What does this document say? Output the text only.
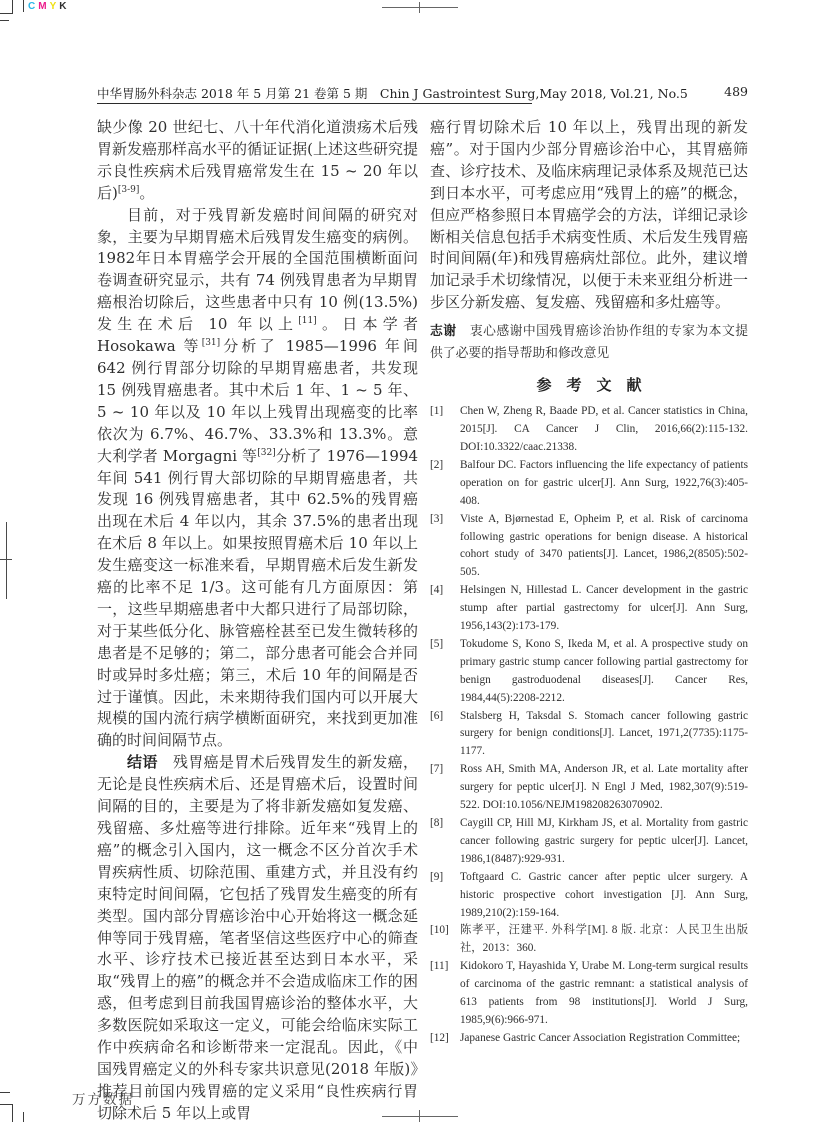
C M Y K
中华胃肠外科杂志 2018 年 5 月第 21 卷第 5 期　Chin J Gastrointest Surg,May 2018, Vol.21, No.5	489

缺少像 20 世纪七、八十年代消化道溃疡术后残胃新发癌那样高水平的循证证据(上述这些研究提示良性疾病术后残胃癌常发生在 15 ~ 20 年以后)[3-9]。

目前，对于残胃新发癌时间间隔的研究对象，主要为早期胃癌术后残胃发生癌变的病例。1982年日本胃癌学会开展的全国范围横断面问卷调查研究显示，共有 74 例残胃患者为早期胃癌根治切除后，这些患者中只有 10 例(13.5%)发生在术后 10 年以上[11]。日本学者 Hosokawa 等[31]分析了 1985—1996 年间 642 例行胃部分切除的早期胃癌患者，共发现 15 例残胃癌患者。其中术后 1 年、1 ~ 5 年、5 ~ 10 年以及 10 年以上残胃出现癌变的比率依次为 6.7%、46.7%、33.3%和 13.3%。意大利学者 Morgagni 等[32]分析了 1976—1994 年间 541 例行胃大部切除的早期胃癌患者，共发现 16 例残胃癌患者，其中 62.5%的残胃癌出现在术后 4 年以内，其余 37.5%的患者出现在术后 8 年以上。如果按照胃癌术后 10 年以上发生癌变这一标准来看，早期胃癌术后发生新发癌的比率不足 1/3。这可能有几方面原因：第一，这些早期癌患者中大都只进行了局部切除，对于某些低分化、脉管癌栓甚至已发生微转移的患者是不足够的；第二，部分患者可能会合并同时或异时多灶癌；第三，术后 10 年的间隔是否过于谨慎。因此，未来期待我们国内可以开展大规模的国内流行病学横断面研究，来找到更加准确的时间间隔节点。

结语　残胃癌是胃术后残胃发生的新发癌，无论是良性疾病术后、还是胃癌术后，设置时间间隔的目的，主要是为了将非新发癌如复发癌、残留癌、多灶癌等进行排除。近年来“残胃上的癌”的概念引入国内，这一概念不区分首次手术胃疾病性质、切除范围、重建方式，并且没有约束特定时间间隔，它包括了残胃发生癌变的所有类型。国内部分胃癌诊治中心开始将这一概念延伸等同于残胃癌，笔者坚信这些医疗中心的筛查水平、诊疗技术已接近甚至达到日本水平，采取“残胃上的癌”的概念并不会造成临床工作的困惑，但考虑到目前我国胃癌诊治的整体水平，大多数医院如采取这一定义，可能会给临床实际工作中疾病命名和诊断带来一定混乱。因此，《中国残胃癌定义的外科专家共识意见(2018 年版)》推荐目前国内残胃癌的定义采用“良性疾病行胃切除术后 5 年以上或胃

癌行胃切除术后 10 年以上，残胃出现的新发癌”。对于国内少部分胃癌诊治中心，其胃癌筛查、诊疗技术、及临床病理记录体系及规范已达到日本水平，可考虑应用“残胃上的癌”的概念，但应严格参照日本胃癌学会的方法，详细记录诊断相关信息包括手术病变性质、术后发生残胃癌时间间隔(年)和残胃癌病灶部位。此外，建议增加记录手术切缘情况，以便于未来亚组分析进一步区分新发癌、复发癌、残留癌和多灶癌等。

志谢　衷心感谢中国残胃癌诊治协作组的专家为本文提供了必要的指导帮助和修改意见

参　考　文　献
[1]	Chen W, Zheng R, Baade PD, et al. Cancer statistics in China, 2015[J]. CA Cancer J Clin, 2016,66(2):115-132. DOI:10.3322/caac.21338.
[2]	Balfour DC. Factors influencing the life expectancy of patients operation on for gastric ulcer[J]. Ann Surg, 1922,76(3):405-408.
[3]	Viste A, Bjørnestad E, Opheim P, et al. Risk of carcinoma following gastric operations for benign disease. A historical cohort study of 3470 patients[J]. Lancet, 1986,2(8505):502-505.
[4]	Helsingen N, Hillestad L. Cancer development in the gastric stump after partial gastrectomy for ulcer[J]. Ann Surg, 1956,143(2):173-179.
[5]	Tokudome S, Kono S, Ikeda M, et al. A prospective study on primary gastric stump cancer following partial gastrectomy for benign gastroduodenal diseases[J]. Cancer Res, 1984,44(5):2208-2212.
[6]	Stalsberg H, Taksdal S. Stomach cancer following gastric surgery for benign conditions[J]. Lancet, 1971,2(7735):1175-1177.
[7]	Ross AH, Smith MA, Anderson JR, et al. Late mortality after surgery for peptic ulcer[J]. N Engl J Med, 1982,307(9):519-522. DOI:10.1056/NEJM198208263070902.
[8]	Caygill CP, Hill MJ, Kirkham JS, et al. Mortality from gastric cancer following gastric surgery for peptic ulcer[J]. Lancet, 1986,1(8487):929-931.
[9]	Toftgaard C. Gastric cancer after peptic ulcer surgery. A historic prospective cohort investigation [J]. Ann Surg, 1989,210(2):159-164.
[10] 陈孝平，汪建平. 外科学[M]. 8 版. 北京：人民卫生出版社，2013：360.
[11]	Kidokoro T, Hayashida Y, Urabe M. Long-term surgical results of carcinoma of the gastric remnant: a statistical analysis of 613 patients from 98 institutions[J]. World J Surg, 1985,9(6):966-971.
[12] Japanese Gastric Cancer Association Registration Committee;
万方数据
